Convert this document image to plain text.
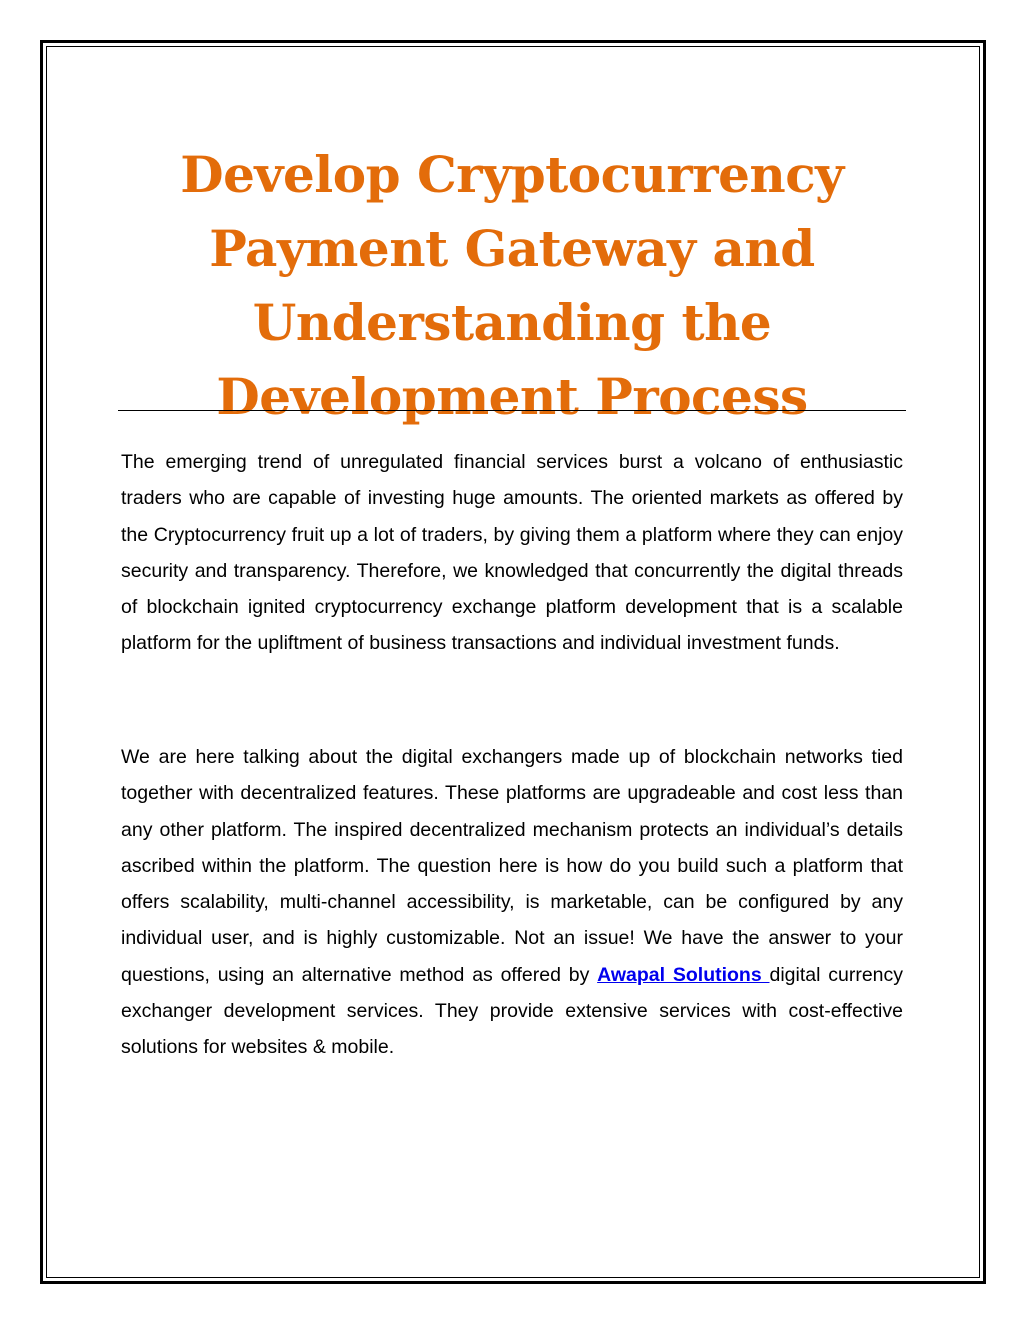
Develop Cryptocurrency
Payment Gateway and
Understanding the
Development Process

The emerging trend of unregulated financial services burst a volcano of enthusiastic traders who are capable of investing huge amounts. The oriented markets as offered by the Cryptocurrency fruit up a lot of traders, by giving them a platform where they can enjoy security and transparency. Therefore, we knowledged that concurrently the digital threads of blockchain ignited cryptocurrency exchange platform development that is a scalable platform for the upliftment of business transactions and individual investment funds.

We are here talking about the digital exchangers made up of blockchain networks tied together with decentralized features. These platforms are upgradeable and cost less than any other platform. The inspired decentralized mechanism protects an individual’s details ascribed within the platform. The question here is how do you build such a platform that offers scalability, multi-channel accessibility, is marketable, can be configured by any individual user, and is highly customizable. Not an issue! We have the answer to your questions, using an alternative method as offered by Awapal Solutions digital currency exchanger development services. They provide extensive services with cost-effective solutions for websites & mobile.
